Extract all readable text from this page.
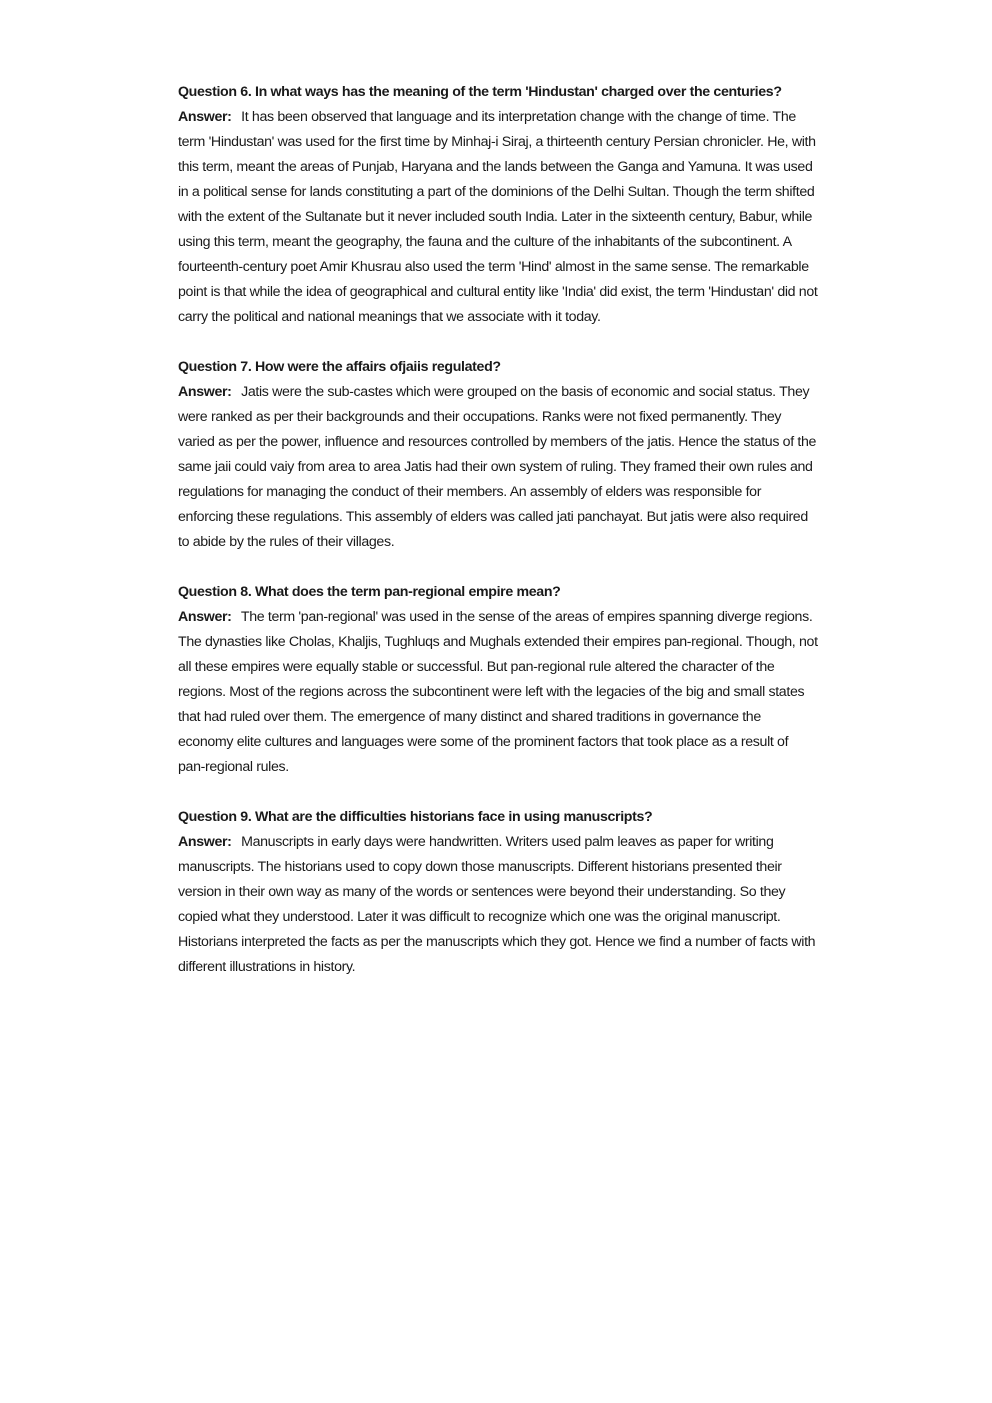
Question 6. In what ways has the meaning of the term 'Hindustan' charged over the centuries?

Answer: It has been observed that language and its interpretation change with the change of time. The term 'Hindustan' was used for the first time by Minhaj-i Siraj, a thirteenth century Persian chronicler. He, with this term, meant the areas of Punjab, Haryana and the lands between the Ganga and Yamuna. It was used in a political sense for lands constituting a part of the dominions of the Delhi Sultan. Though the term shifted with the extent of the Sultanate but it never included south India. Later in the sixteenth century, Babur, while using this term, meant the geography, the fauna and the culture of the inhabitants of the subcontinent. A fourteenth-century poet Amir Khusrau also used the term 'Hind' almost in the same sense. The remarkable point is that while the idea of geographical and cultural entity like 'India' did exist, the term 'Hindustan' did not carry the political and national meanings that we associate with it today.

Question 7. How were the affairs ofjaiis regulated?

Answer: Jatis were the sub-castes which were grouped on the basis of economic and social status. They were ranked as per their backgrounds and their occupations. Ranks were not fixed permanently. They varied as per the power, influence and resources controlled by members of the jatis. Hence the status of the same jaii could vaiy from area to area Jatis had their own system of ruling. They framed their own rules and regulations for managing the conduct of their members. An assembly of elders was responsible for enforcing these regulations. This assembly of elders was called jati panchayat. But jatis were also required to abide by the rules of their villages.

Question 8. What does the term pan-regional empire mean?

Answer: The term 'pan-regional' was used in the sense of the areas of empires spanning diverge regions. The dynasties like Cholas, Khaljis, Tughluqs and Mughals extended their empires pan-regional. Though, not all these empires were equally stable or successful. But pan-regional rule altered the character of the regions. Most of the regions across the subcontinent were left with the legacies of the big and small states that had ruled over them. The emergence of many distinct and shared traditions in governance the economy elite cultures and languages were some of the prominent factors that took place as a result of pan-regional rules.

Question 9. What are the difficulties historians face in using manuscripts?

Answer: Manuscripts in early days were handwritten. Writers used palm leaves as paper for writing manuscripts. The historians used to copy down those manuscripts. Different historians presented their version in their own way as many of the words or sentences were beyond their understanding. So they copied what they understood. Later it was difficult to recognize which one was the original manuscript. Historians interpreted the facts as per the manuscripts which they got. Hence we find a number of facts with different illustrations in history.
